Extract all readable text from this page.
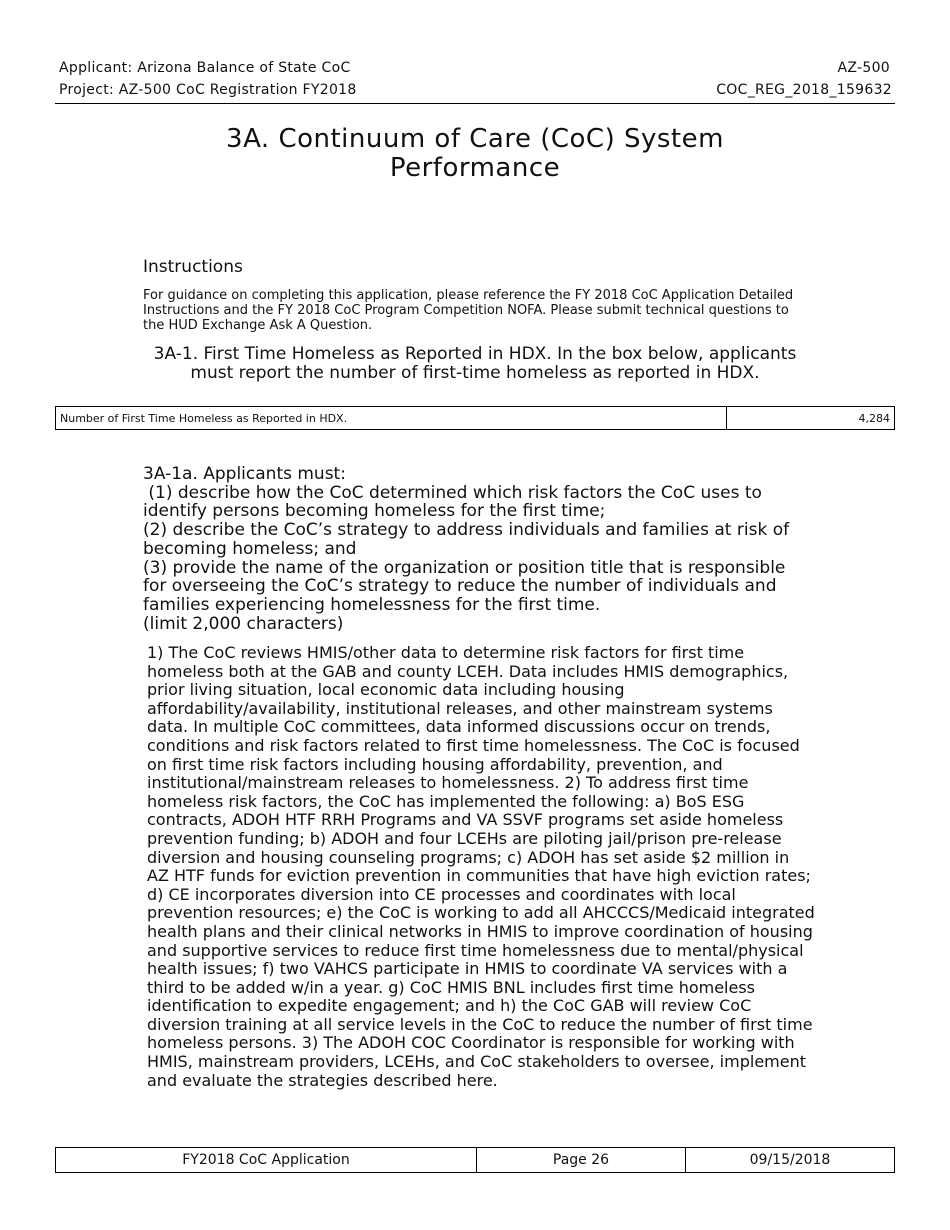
Applicant: Arizona Balance of State CoC
Project: AZ-500 CoC Registration FY2018
AZ-500
COC_REG_2018_159632
3A. Continuum of Care (CoC) System Performance
Instructions
For guidance on completing this application, please reference the FY 2018 CoC Application Detailed Instructions and the FY 2018 CoC Program Competition NOFA. Please submit technical questions to the HUD Exchange Ask A Question.
3A-1. First Time Homeless as Reported in HDX. In the box below, applicants must report the number of first-time homeless as reported in HDX.
Number of First Time Homeless as Reported in HDX.	4,284
3A-1a. Applicants must:
(1) describe how the CoC determined which risk factors the CoC uses to identify persons becoming homeless for the first time;
(2) describe the CoC’s strategy to address individuals and families at risk of becoming homeless; and
(3) provide the name of the organization or position title that is responsible for overseeing the CoC’s strategy to reduce the number of individuals and families experiencing homelessness for the first time.
(limit 2,000 characters)
1) The CoC reviews HMIS/other data to determine risk factors for first time homeless both at the GAB and county LCEH. Data includes HMIS demographics, prior living situation, local economic data including housing affordability/availability, institutional releases, and other mainstream systems data. In multiple CoC committees, data informed discussions occur on trends, conditions and risk factors related to first time homelessness. The CoC is focused on first time risk factors including housing affordability, prevention, and institutional/mainstream releases to homelessness. 2) To address first time homeless risk factors, the CoC has implemented the following: a) BoS ESG contracts, ADOH HTF RRH Programs and VA SSVF programs set aside homeless prevention funding; b) ADOH and four LCEHs are piloting jail/prison pre-release diversion and housing counseling programs; c) ADOH has set aside $2 million in AZ HTF funds for eviction prevention in communities that have high eviction rates; d) CE incorporates diversion into CE processes and coordinates with local prevention resources; e) the CoC is working to add all AHCCCS/Medicaid integrated health plans and their clinical networks in HMIS to improve coordination of housing and supportive services to reduce first time homelessness due to mental/physical health issues; f) two VAHCS participate in HMIS to coordinate VA services with a third to be added w/in a year. g) CoC HMIS BNL includes first time homeless identification to expedite engagement; and h) the CoC GAB will review CoC diversion training at all service levels in the CoC to reduce the number of first time homeless persons. 3) The ADOH COC Coordinator is responsible for working with HMIS, mainstream providers, LCEHs, and CoC stakeholders to oversee, implement and evaluate the strategies described here.
FY2018 CoC Application	Page 26	09/15/2018
